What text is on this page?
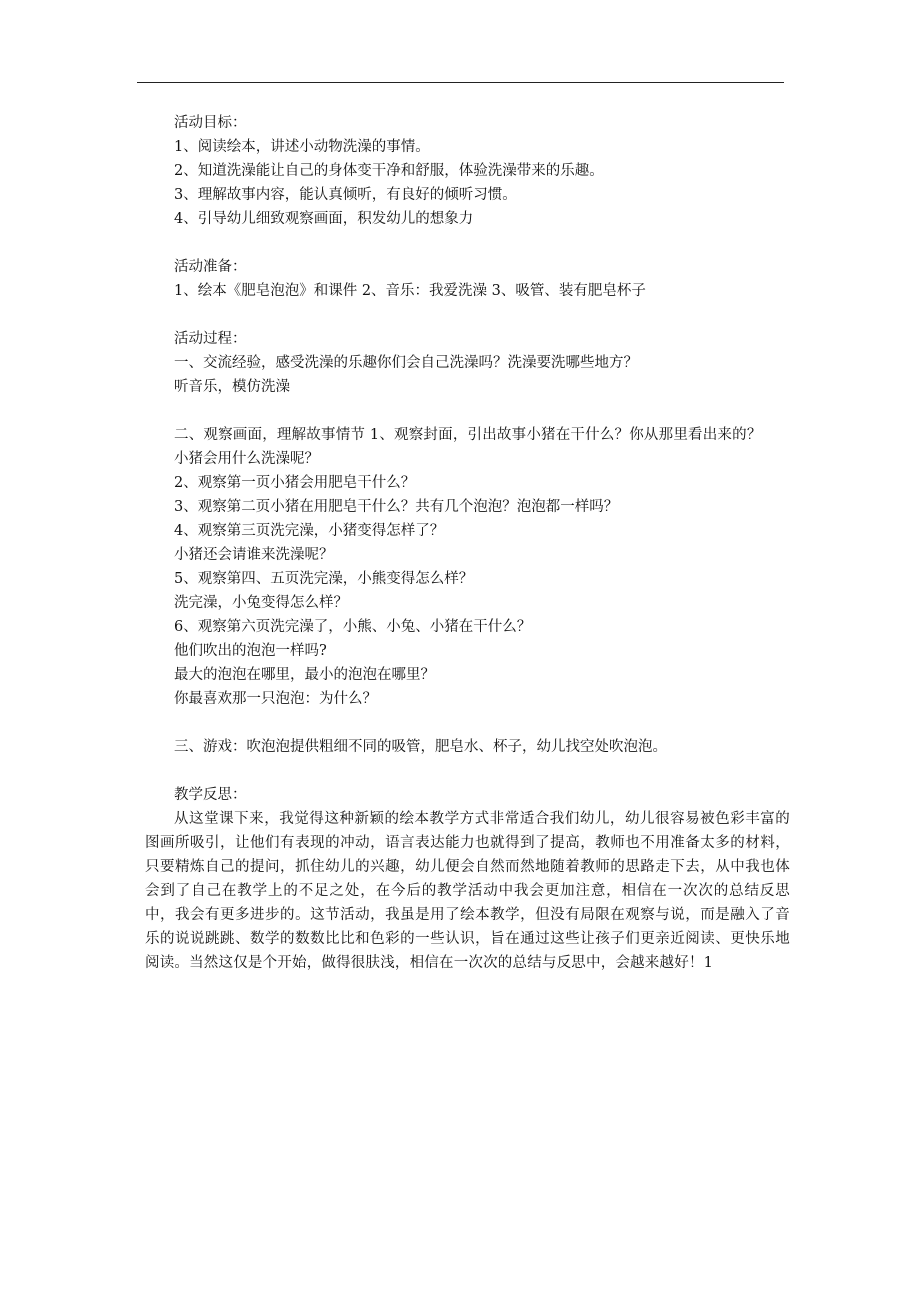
活动目标：
1、阅读绘本，讲述小动物洗澡的事情。
2、知道洗澡能让自己的身体变干净和舒服，体验洗澡带来的乐趣。
3、理解故事内容，能认真倾听，有良好的倾听习惯。
4、引导幼儿细致观察画面，积发幼儿的想象力
活动准备：
1、绘本《肥皂泡泡》和课件 2、音乐：我爱洗澡 3、吸管、装有肥皂杯子
活动过程：
一、交流经验，感受洗澡的乐趣你们会自己洗澡吗？洗澡要洗哪些地方？
听音乐，模仿洗澡
二、观察画面，理解故事情节 1、观察封面，引出故事小猪在干什么？你从那里看出来的？
小猪会用什么洗澡呢？
2、观察第一页小猪会用肥皂干什么？
3、观察第二页小猪在用肥皂干什么？共有几个泡泡？泡泡都一样吗？
4、观察第三页洗完澡，小猪变得怎样了？
小猪还会请谁来洗澡呢？
5、观察第四、五页洗完澡，小熊变得怎么样？
洗完澡，小兔变得怎么样？
6、观察第六页洗完澡了，小熊、小兔、小猪在干什么？
他们吹出的泡泡一样吗?
最大的泡泡在哪里，最小的泡泡在哪里？
你最喜欢那一只泡泡：为什么？
三、游戏：吹泡泡提供粗细不同的吸管，肥皂水、杯子，幼儿找空处吹泡泡。
教学反思：
从这堂课下来，我觉得这种新颖的绘本教学方式非常适合我们幼儿，幼儿很容易被色彩丰富的图画所吸引，让他们有表现的冲动，语言表达能力也就得到了提高，教师也不用准备太多的材料，只要精炼自己的提问，抓住幼儿的兴趣，幼儿便会自然而然地随着教师的思路走下去，从中我也体会到了自己在教学上的不足之处，在今后的教学活动中我会更加注意，相信在一次次的总结反思中，我会有更多进步的。这节活动，我虽是用了绘本教学，但没有局限在观察与说，而是融入了音乐的说说跳跳、数学的数数比比和色彩的一些认识，旨在通过这些让孩子们更亲近阅读、更快乐地阅读。当然这仅是个开始，做得很肤浅，相信在一次次的总结与反思中，会越来越好！1
